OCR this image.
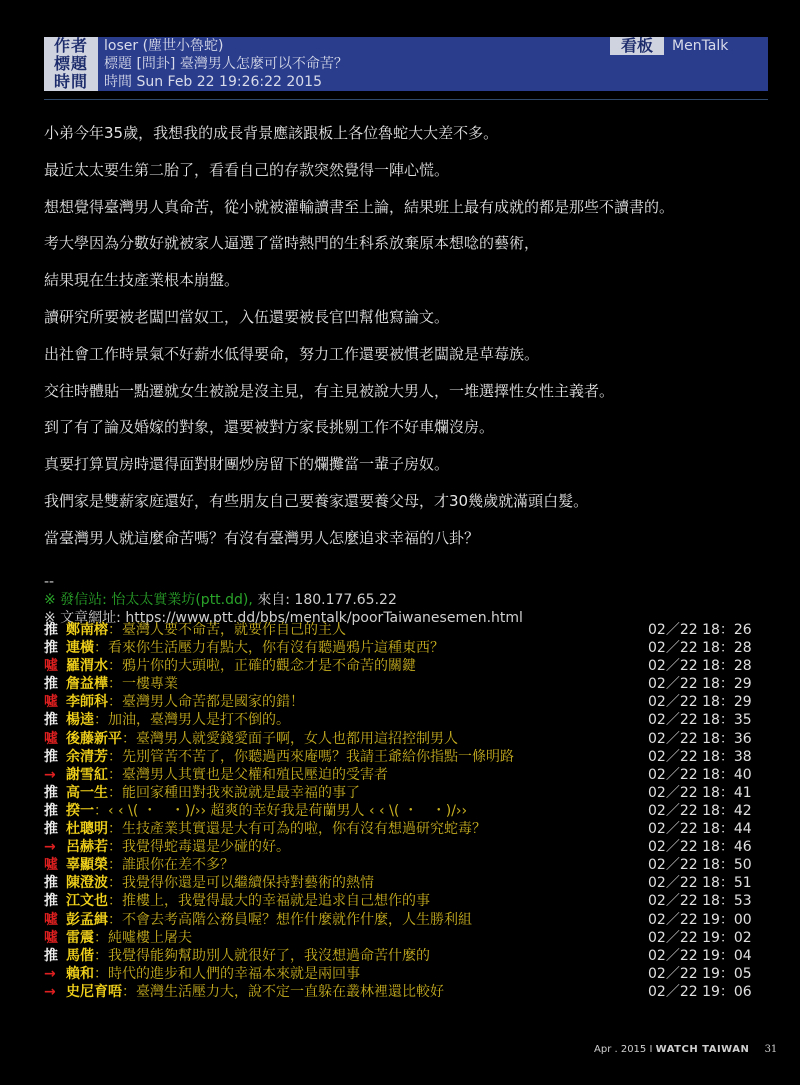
作者	loser (塵世小魯蛇)	看板	MenTalk
標題	標題 [問卦] 臺灣男人怎麼可以不命苦？
時間	時間 Sun Feb 22 19:26:22 2015

小弟今年35歲，我想我的成長背景應該跟板上各位魯蛇大大差不多。

最近太太要生第二胎了，看看自己的存款突然覺得一陣心慌。

想想覺得臺灣男人真命苦，從小就被灌輸讀書至上論，結果班上最有成就的都是那些不讀書的。

考大學因為分數好就被家人逼選了當時熱門的生科系放棄原本想唸的藝術，

結果現在生技產業根本崩盤。

讀研究所要被老闆凹當奴工，入伍還要被長官凹幫他寫論文。

出社會工作時景氣不好薪水低得要命，努力工作還要被慣老闆說是草莓族。

交往時體貼一點遷就女生被說是沒主見，有主見被說大男人，一堆選擇性女性主義者。

到了有了論及婚嫁的對象，還要被對方家長挑剔工作不好車爛沒房。

真要打算買房時還得面對財團炒房留下的爛攤當一輩子房奴。

我們家是雙薪家庭還好，有些朋友自己要養家還要養父母，才30幾歲就滿頭白髮。

當臺灣男人就這麼命苦嗎？有沒有臺灣男人怎麼追求幸福的八卦？

--
※ 發信站: 怡太太實業坊(ptt.dd), 來自: 180.177.65.22
※ 文章網址: https://www.ptt.dd/bbs/mentalk/poorTaiwanesemen.html
推 鄭南榕：臺灣人要不命苦，就要作自己的主人	02／22 18：26
推 連橫：看來你生活壓力有點大，你有沒有聽過鴉片這種東西？	02／22 18：28
噓 羅渭水：鴉片你的大頭啦，正確的觀念才是不命苦的關鍵	02／22 18：28
推 詹益樺：一樓專業	02／22 18：29
噓 李師科：臺灣男人命苦都是國家的錯！	02／22 18：29
推 楊逵：加油，臺灣男人是打不倒的。	02／22 18：35
噓 後藤新平：臺灣男人就愛錢愛面子啊，女人也都用這招控制男人	02／22 18：36
推 余清芳：先別管苦不苦了，你聽過西來庵嗎？我請王爺給你指點一條明路	02／22 18：38
→ 謝雪紅：臺灣男人其實也是父權和殖民壓迫的受害者	02／22 18：40
推 高一生：能回家種田對我來說就是最幸福的事了	02／22 18：41
推 揆一：‹ ‹ \( ・　・)/›› 超爽的幸好我是荷蘭男人 ‹ ‹ \( ・　・)/››	02／22 18：42
推 杜聰明：生技產業其實還是大有可為的啦，你有沒有想過研究蛇毒？	02／22 18：44
→ 呂赫若：我覺得蛇毒還是少碰的好。	02／22 18：46
噓 辜顯榮：誰跟你在差不多？	02／22 18：50
推 陳澄波：我覺得你還是可以繼續保持對藝術的熱情	02／22 18：51
推 江文也：推樓上，我覺得最大的幸福就是追求自己想作的事	02／22 18：53
噓 彭孟緝：不會去考高階公務員喔？想作什麼就作什麼，人生勝利組	02／22 19：00
噓 雷震：純噓樓上屠夫	02／22 19：02
推 馬偕：我覺得能夠幫助別人就很好了，我沒想過命苦什麼的	02／22 19：04
→ 賴和：時代的進步和人們的幸福本來就是兩回事	02／22 19：05
→ 史尼育唔：臺灣生活壓力大，說不定一直躲在叢林裡還比較好	02／22 19：06
Apr . 2015 I WATCH TAIWAN 31
